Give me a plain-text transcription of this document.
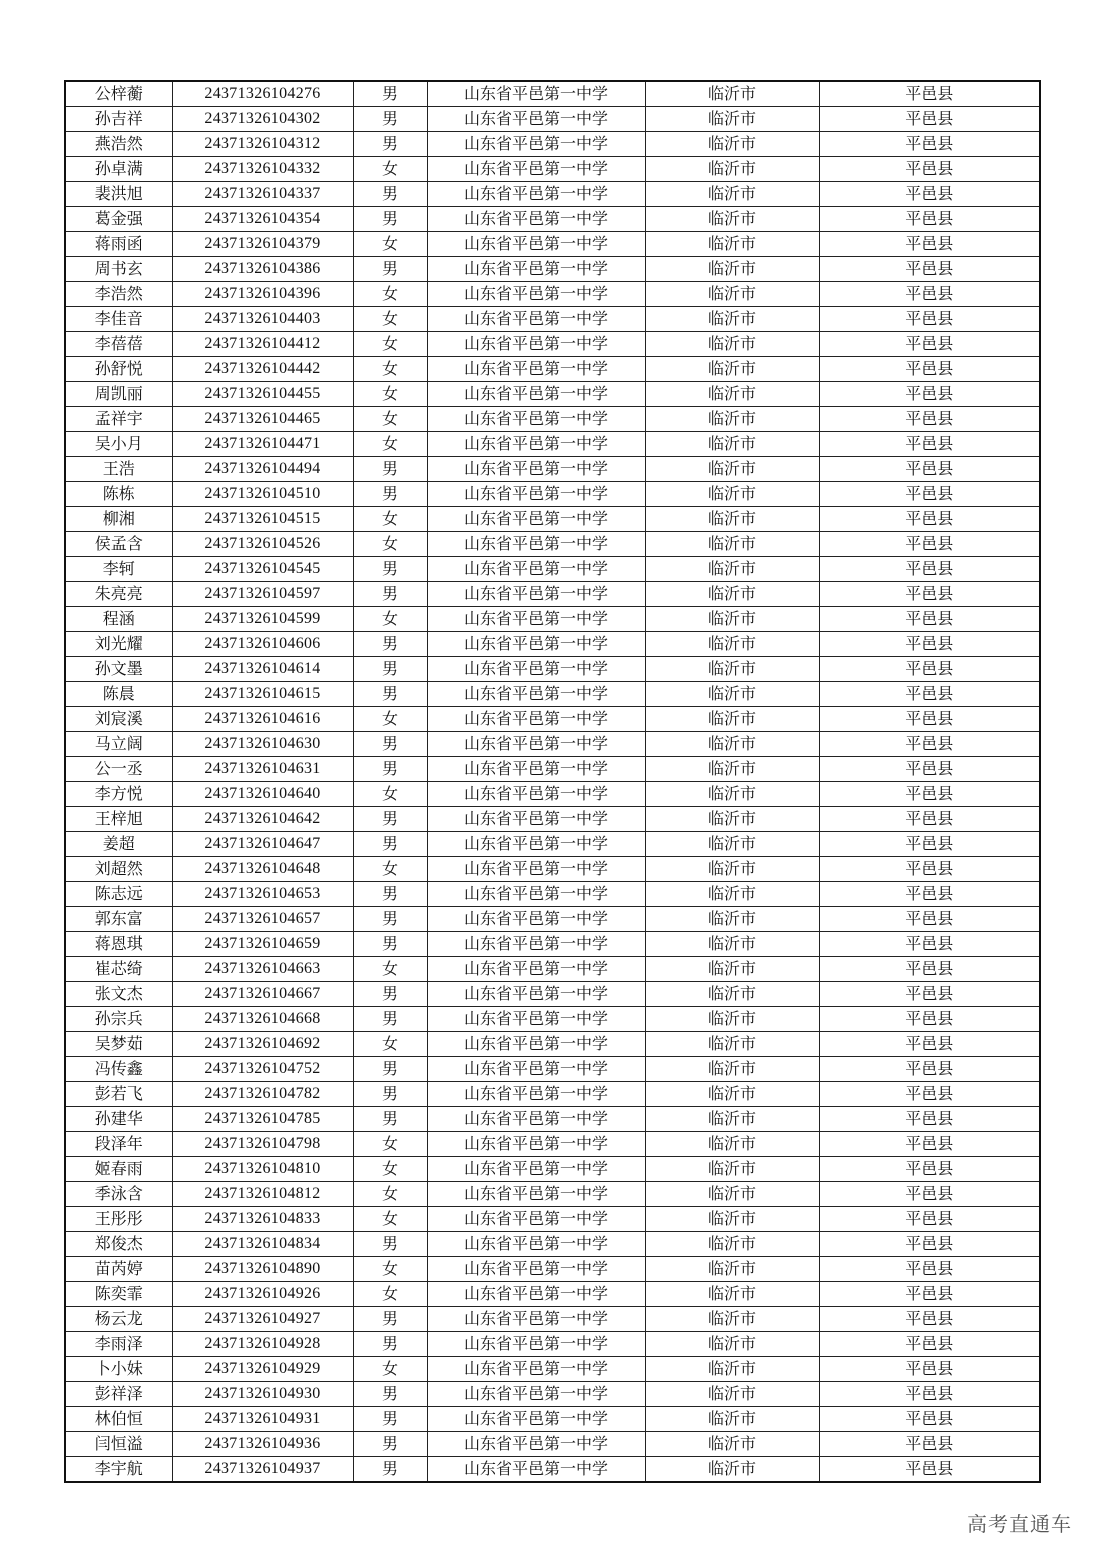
公梓蘅	24371326104276	男	山东省平邑第一中学	临沂市	平邑县
孙吉祥	24371326104302	男	山东省平邑第一中学	临沂市	平邑县
燕浩然	24371326104312	男	山东省平邑第一中学	临沂市	平邑县
孙卓满	24371326104332	女	山东省平邑第一中学	临沂市	平邑县
裴洪旭	24371326104337	男	山东省平邑第一中学	临沂市	平邑县
葛金强	24371326104354	男	山东省平邑第一中学	临沂市	平邑县
蒋雨函	24371326104379	女	山东省平邑第一中学	临沂市	平邑县
周书玄	24371326104386	男	山东省平邑第一中学	临沂市	平邑县
李浩然	24371326104396	女	山东省平邑第一中学	临沂市	平邑县
李佳音	24371326104403	女	山东省平邑第一中学	临沂市	平邑县
李蓓蓓	24371326104412	女	山东省平邑第一中学	临沂市	平邑县
孙舒悦	24371326104442	女	山东省平邑第一中学	临沂市	平邑县
周凯丽	24371326104455	女	山东省平邑第一中学	临沂市	平邑县
孟祥宇	24371326104465	女	山东省平邑第一中学	临沂市	平邑县
吴小月	24371326104471	女	山东省平邑第一中学	临沂市	平邑县
王浩	24371326104494	男	山东省平邑第一中学	临沂市	平邑县
陈栋	24371326104510	男	山东省平邑第一中学	临沂市	平邑县
柳湘	24371326104515	女	山东省平邑第一中学	临沂市	平邑县
侯孟含	24371326104526	女	山东省平邑第一中学	临沂市	平邑县
李轲	24371326104545	男	山东省平邑第一中学	临沂市	平邑县
朱亮亮	24371326104597	男	山东省平邑第一中学	临沂市	平邑县
程涵	24371326104599	女	山东省平邑第一中学	临沂市	平邑县
刘光耀	24371326104606	男	山东省平邑第一中学	临沂市	平邑县
孙文墨	24371326104614	男	山东省平邑第一中学	临沂市	平邑县
陈晨	24371326104615	男	山东省平邑第一中学	临沂市	平邑县
刘宸溪	24371326104616	女	山东省平邑第一中学	临沂市	平邑县
马立阔	24371326104630	男	山东省平邑第一中学	临沂市	平邑县
公一丞	24371326104631	男	山东省平邑第一中学	临沂市	平邑县
李方悦	24371326104640	女	山东省平邑第一中学	临沂市	平邑县
王梓旭	24371326104642	男	山东省平邑第一中学	临沂市	平邑县
姜超	24371326104647	男	山东省平邑第一中学	临沂市	平邑县
刘超然	24371326104648	女	山东省平邑第一中学	临沂市	平邑县
陈志远	24371326104653	男	山东省平邑第一中学	临沂市	平邑县
郭东富	24371326104657	男	山东省平邑第一中学	临沂市	平邑县
蒋恩琪	24371326104659	男	山东省平邑第一中学	临沂市	平邑县
崔芯绮	24371326104663	女	山东省平邑第一中学	临沂市	平邑县
张文杰	24371326104667	男	山东省平邑第一中学	临沂市	平邑县
孙宗兵	24371326104668	男	山东省平邑第一中学	临沂市	平邑县
吴梦茹	24371326104692	女	山东省平邑第一中学	临沂市	平邑县
冯传鑫	24371326104752	男	山东省平邑第一中学	临沂市	平邑县
彭若飞	24371326104782	男	山东省平邑第一中学	临沂市	平邑县
孙建华	24371326104785	男	山东省平邑第一中学	临沂市	平邑县
段泽年	24371326104798	女	山东省平邑第一中学	临沂市	平邑县
姬春雨	24371326104810	女	山东省平邑第一中学	临沂市	平邑县
季泳含	24371326104812	女	山东省平邑第一中学	临沂市	平邑县
王彤彤	24371326104833	女	山东省平邑第一中学	临沂市	平邑县
郑俊杰	24371326104834	男	山东省平邑第一中学	临沂市	平邑县
苗芮婷	24371326104890	女	山东省平邑第一中学	临沂市	平邑县
陈奕霏	24371326104926	女	山东省平邑第一中学	临沂市	平邑县
杨云龙	24371326104927	男	山东省平邑第一中学	临沂市	平邑县
李雨泽	24371326104928	男	山东省平邑第一中学	临沂市	平邑县
卜小妹	24371326104929	女	山东省平邑第一中学	临沂市	平邑县
彭祥泽	24371326104930	男	山东省平邑第一中学	临沂市	平邑县
林伯恒	24371326104931	男	山东省平邑第一中学	临沂市	平邑县
闫恒溢	24371326104936	男	山东省平邑第一中学	临沂市	平邑县
李宇航	24371326104937	男	山东省平邑第一中学	临沂市	平邑县
高考直通车
